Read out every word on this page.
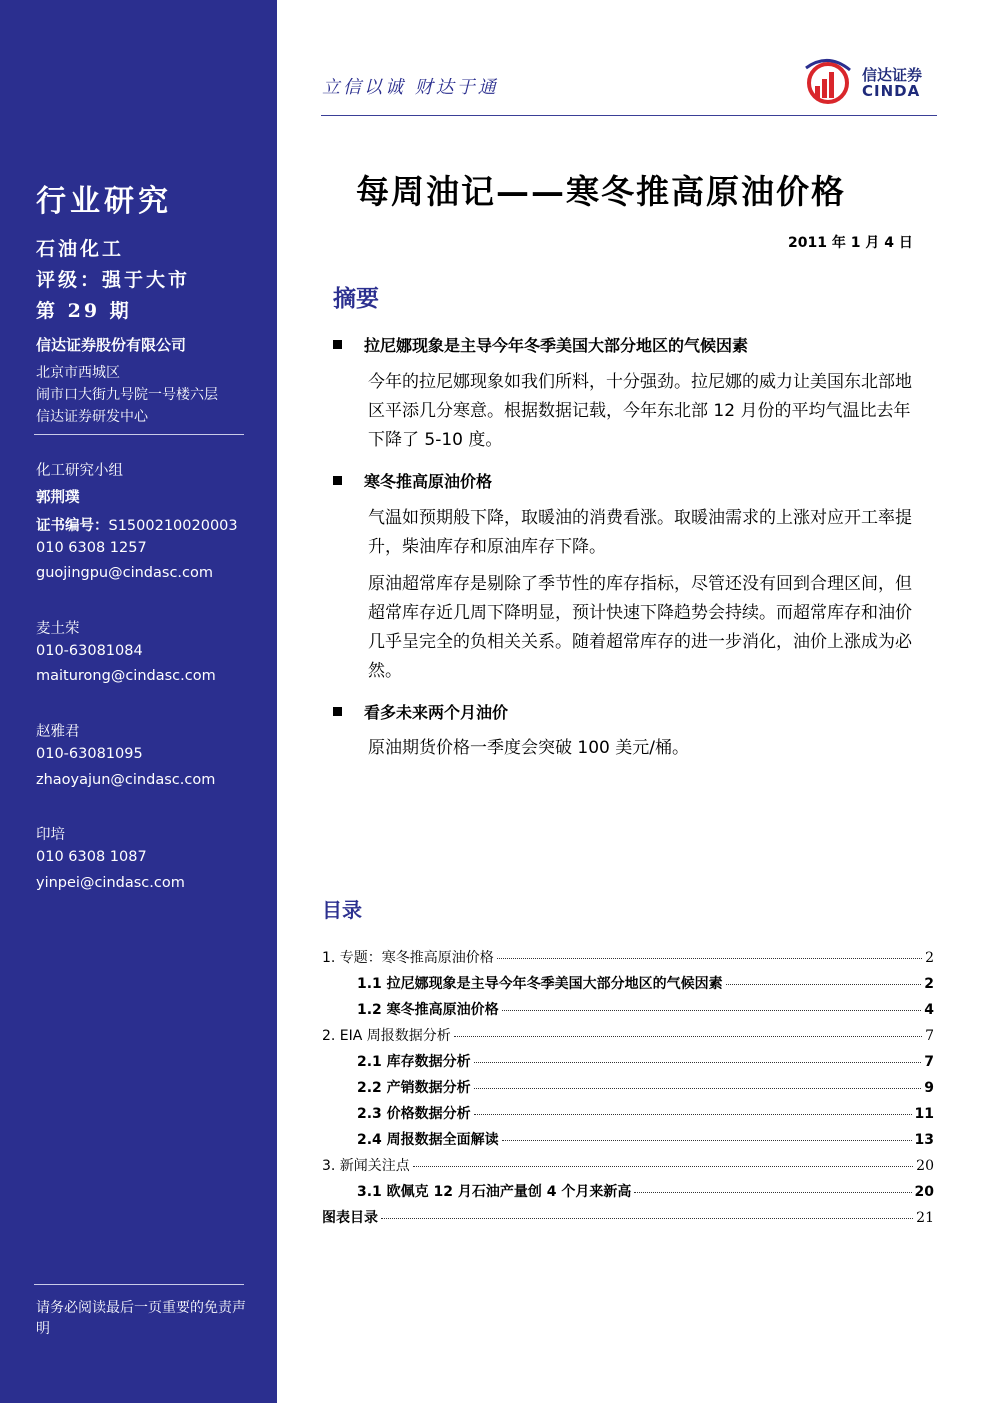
行业研究
石油化工
评级：强于大市
第 29 期
信达证券股份有限公司
北京市西城区
闹市口大街九号院一号楼六层
信达证券研发中心
化工研究小组
郭荆璞
证书编号：S1500210020003
010 6308 1257
guojingpu@cindasc.com
麦土荣
010-63081084
maiturong@cindasc.com
赵雅君
010-63081095
zhaoyajun@cindasc.com
印培
010 6308 1087
yinpei@cindasc.com
请务必阅读最后一页重要的免责声明
立信以诚 财达于通
信达证券
CINDA
每周油记——寒冬推高原油价格
2011 年 1 月 4 日
摘要
拉尼娜现象是主导今年冬季美国大部分地区的气候因素
今年的拉尼娜现象如我们所料，十分强劲。拉尼娜的威力让美国东北部地区平添几分寒意。根据数据记载，今年东北部 12 月份的平均气温比去年下降了 5-10 度。
寒冬推高原油价格
气温如预期般下降，取暖油的消费看涨。取暖油需求的上涨对应开工率提升，柴油库存和原油库存下降。
原油超常库存是剔除了季节性的库存指标，尽管还没有回到合理区间，但超常库存近几周下降明显，预计快速下降趋势会持续。而超常库存和油价几乎呈完全的负相关关系。随着超常库存的进一步消化，油价上涨成为必然。
看多未来两个月油价
原油期货价格一季度会突破 100 美元/桶。
目录
1. 专题：寒冬推高原油价格	2
1.1 拉尼娜现象是主导今年冬季美国大部分地区的气候因素	2
1.2 寒冬推高原油价格	4
2. EIA 周报数据分析	7
2.1 库存数据分析	7
2.2 产销数据分析	9
2.3 价格数据分析	11
2.4 周报数据全面解读	13
3. 新闻关注点	20
3.1 欧佩克 12 月石油产量创 4 个月来新高	20
图表目录	21
